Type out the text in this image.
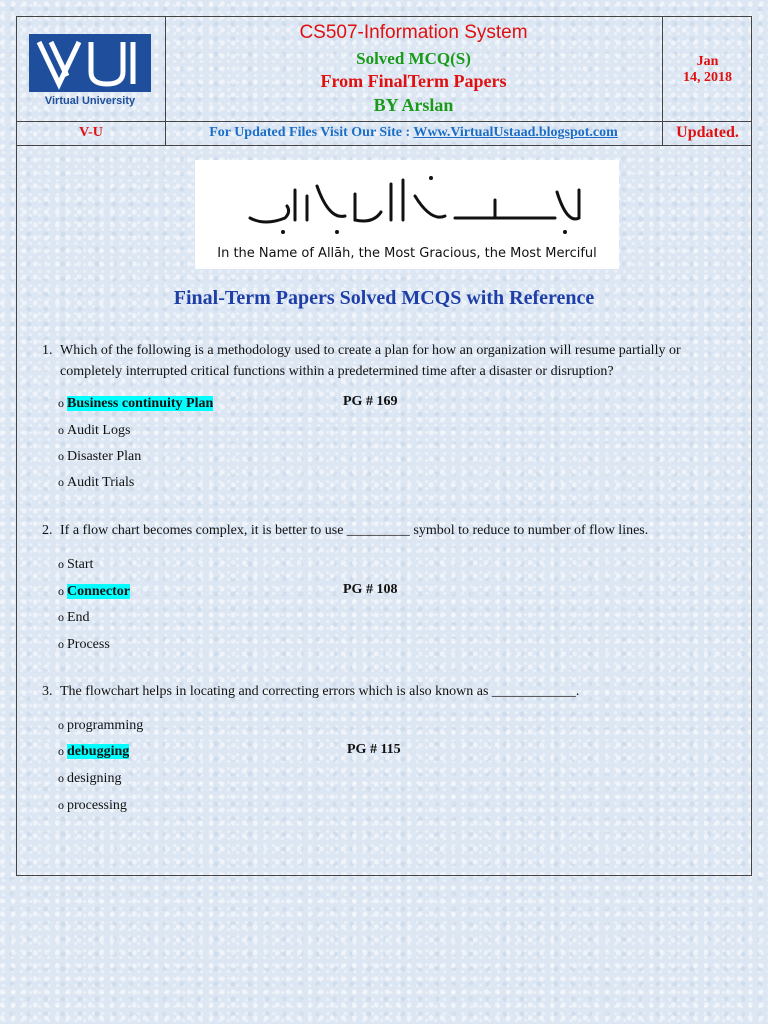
Virtual University
CS507-Information System
Solved MCQ(S)
From FinalTerm Papers
BY Arslan
Jan
14, 2018
V-U	For Updated Files Visit Our Site : Www.VirtualUstaad.blogspot.com	Updated.
In the Name of Allāh, the Most Gracious, the Most Merciful
Final-Term Papers Solved MCQS with Reference
1. Which of the following is a methodology used to create a plan for how an organization will resume partially or completely interrupted critical functions within a predetermined time after a disaster or disruption?
o Business continuity Plan	PG # 169
o Audit Logs
o Disaster Plan
o Audit Trials
2. If a flow chart becomes complex, it is better to use _________ symbol to reduce to number of flow lines.
o Start
o Connector	PG # 108
o End
o Process
3. The flowchart helps in locating and correcting errors which is also known as ____________.
o programming
o debugging	PG # 115
o designing
o processing
